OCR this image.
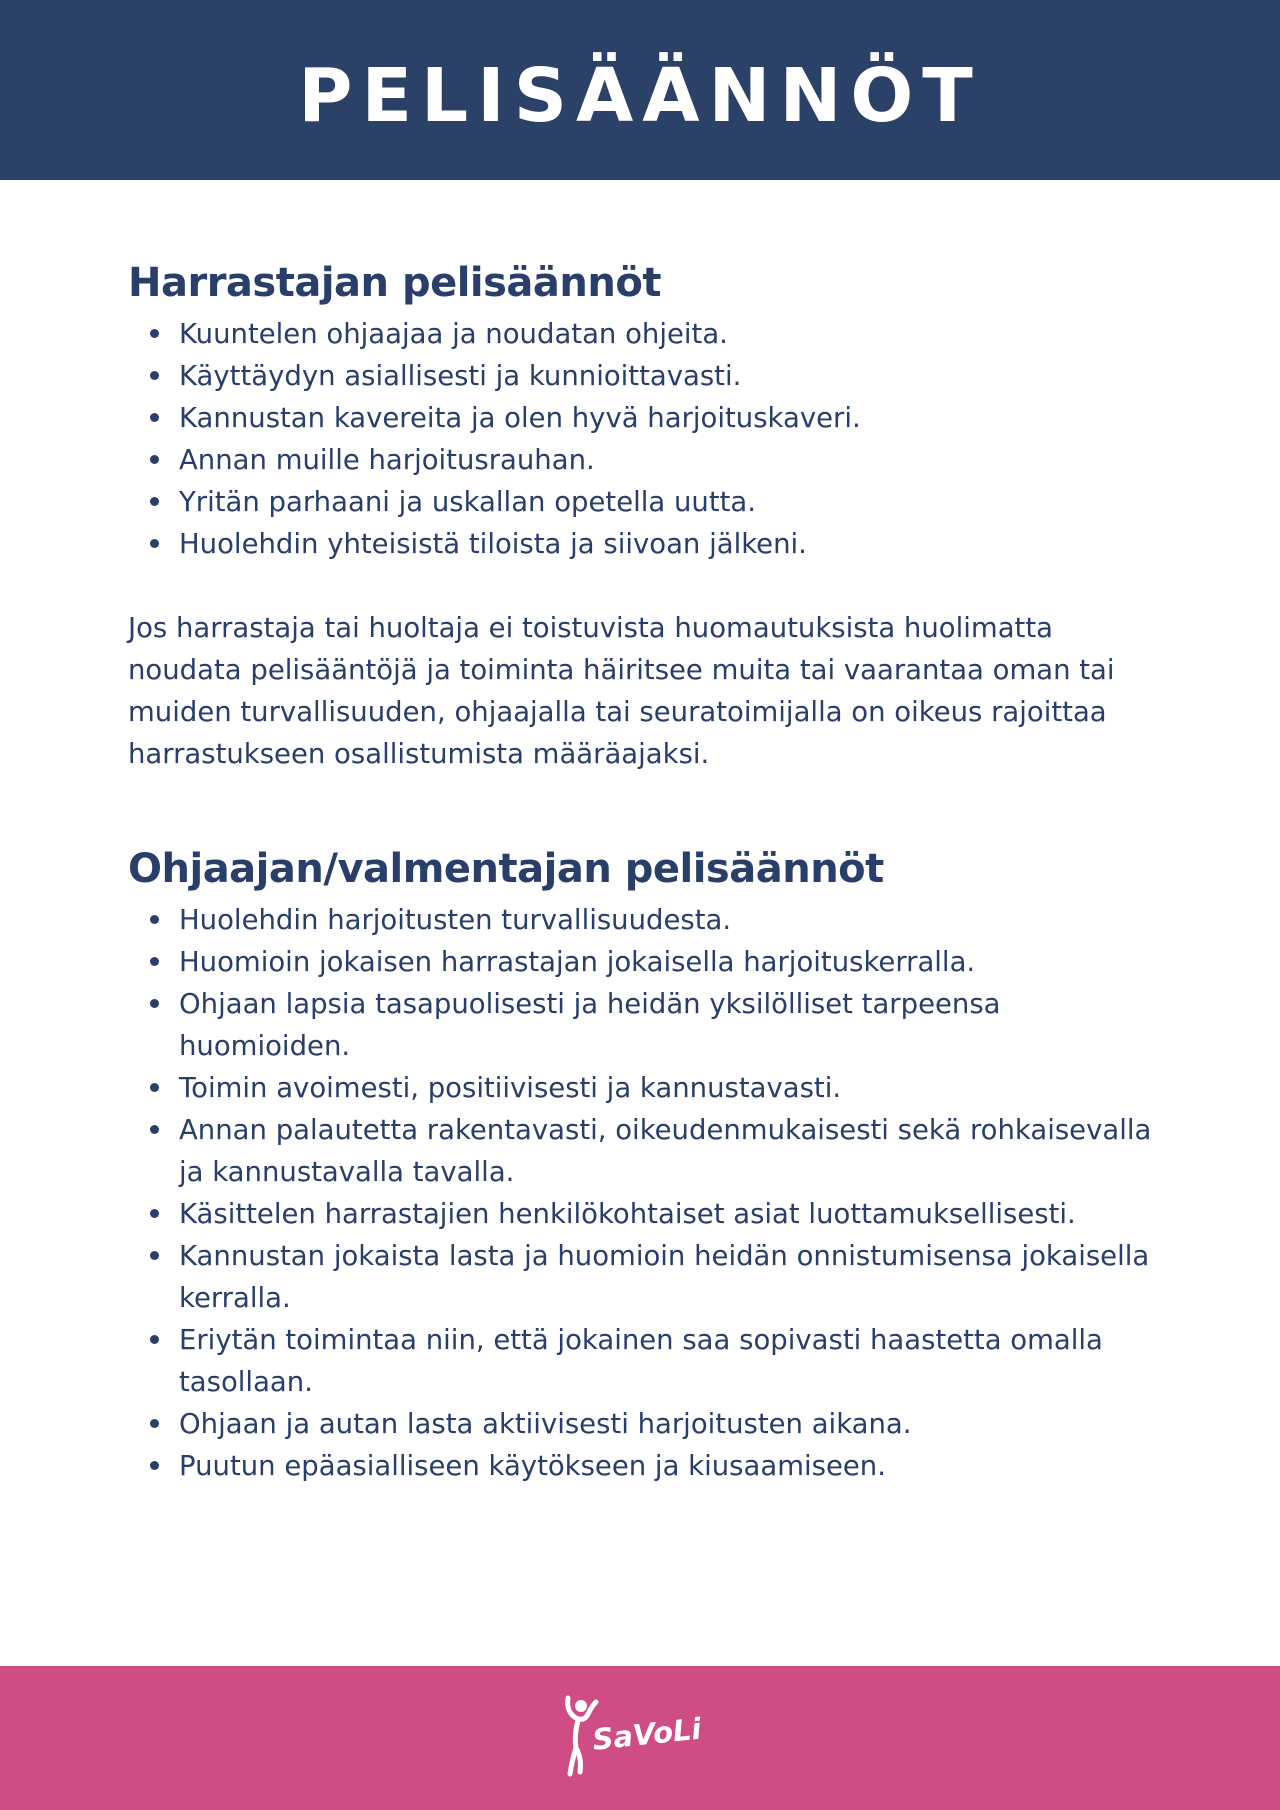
PELISÄÄNNÖT
Harrastajan pelisäännöt
Kuuntelen ohjaajaa ja noudatan ohjeita.
Käyttäydyn asiallisesti ja kunnioittavasti.
Kannustan kavereita ja olen hyvä harjoituskaveri.
Annan muille harjoitusrauhan.
Yritän parhaani ja uskallan opetella uutta.
Huolehdin yhteisistä tiloista ja siivoan jälkeni.

Jos harrastaja tai huoltaja ei toistuvista huomautuksista huolimatta noudata pelisääntöjä ja toiminta häiritsee muita tai vaarantaa oman tai muiden turvallisuuden, ohjaajalla tai seuratoimijalla on oikeus rajoittaa harrastukseen osallistumista määräajaksi.

Ohjaajan/valmentajan pelisäännöt
Huolehdin harjoitusten turvallisuudesta.
Huomioin jokaisen harrastajan jokaisella harjoituskerralla.
Ohjaan lapsia tasapuolisesti ja heidän yksilölliset tarpeensa huomioiden.
Toimin avoimesti, positiivisesti ja kannustavasti.
Annan palautetta rakentavasti, oikeudenmukaisesti sekä rohkaisevalla ja kannustavalla tavalla.
Käsittelen harrastajien henkilökohtaiset asiat luottamuksellisesti.
Kannustan jokaista lasta ja huomioin heidän onnistumisensa jokaisella kerralla.
Eriytän toimintaa niin, että jokainen saa sopivasti haastetta omalla tasollaan.
Ohjaan ja autan lasta aktiivisesti harjoitusten aikana.
Puutun epäasialliseen käytökseen ja kiusaamiseen.
SaVoLi
